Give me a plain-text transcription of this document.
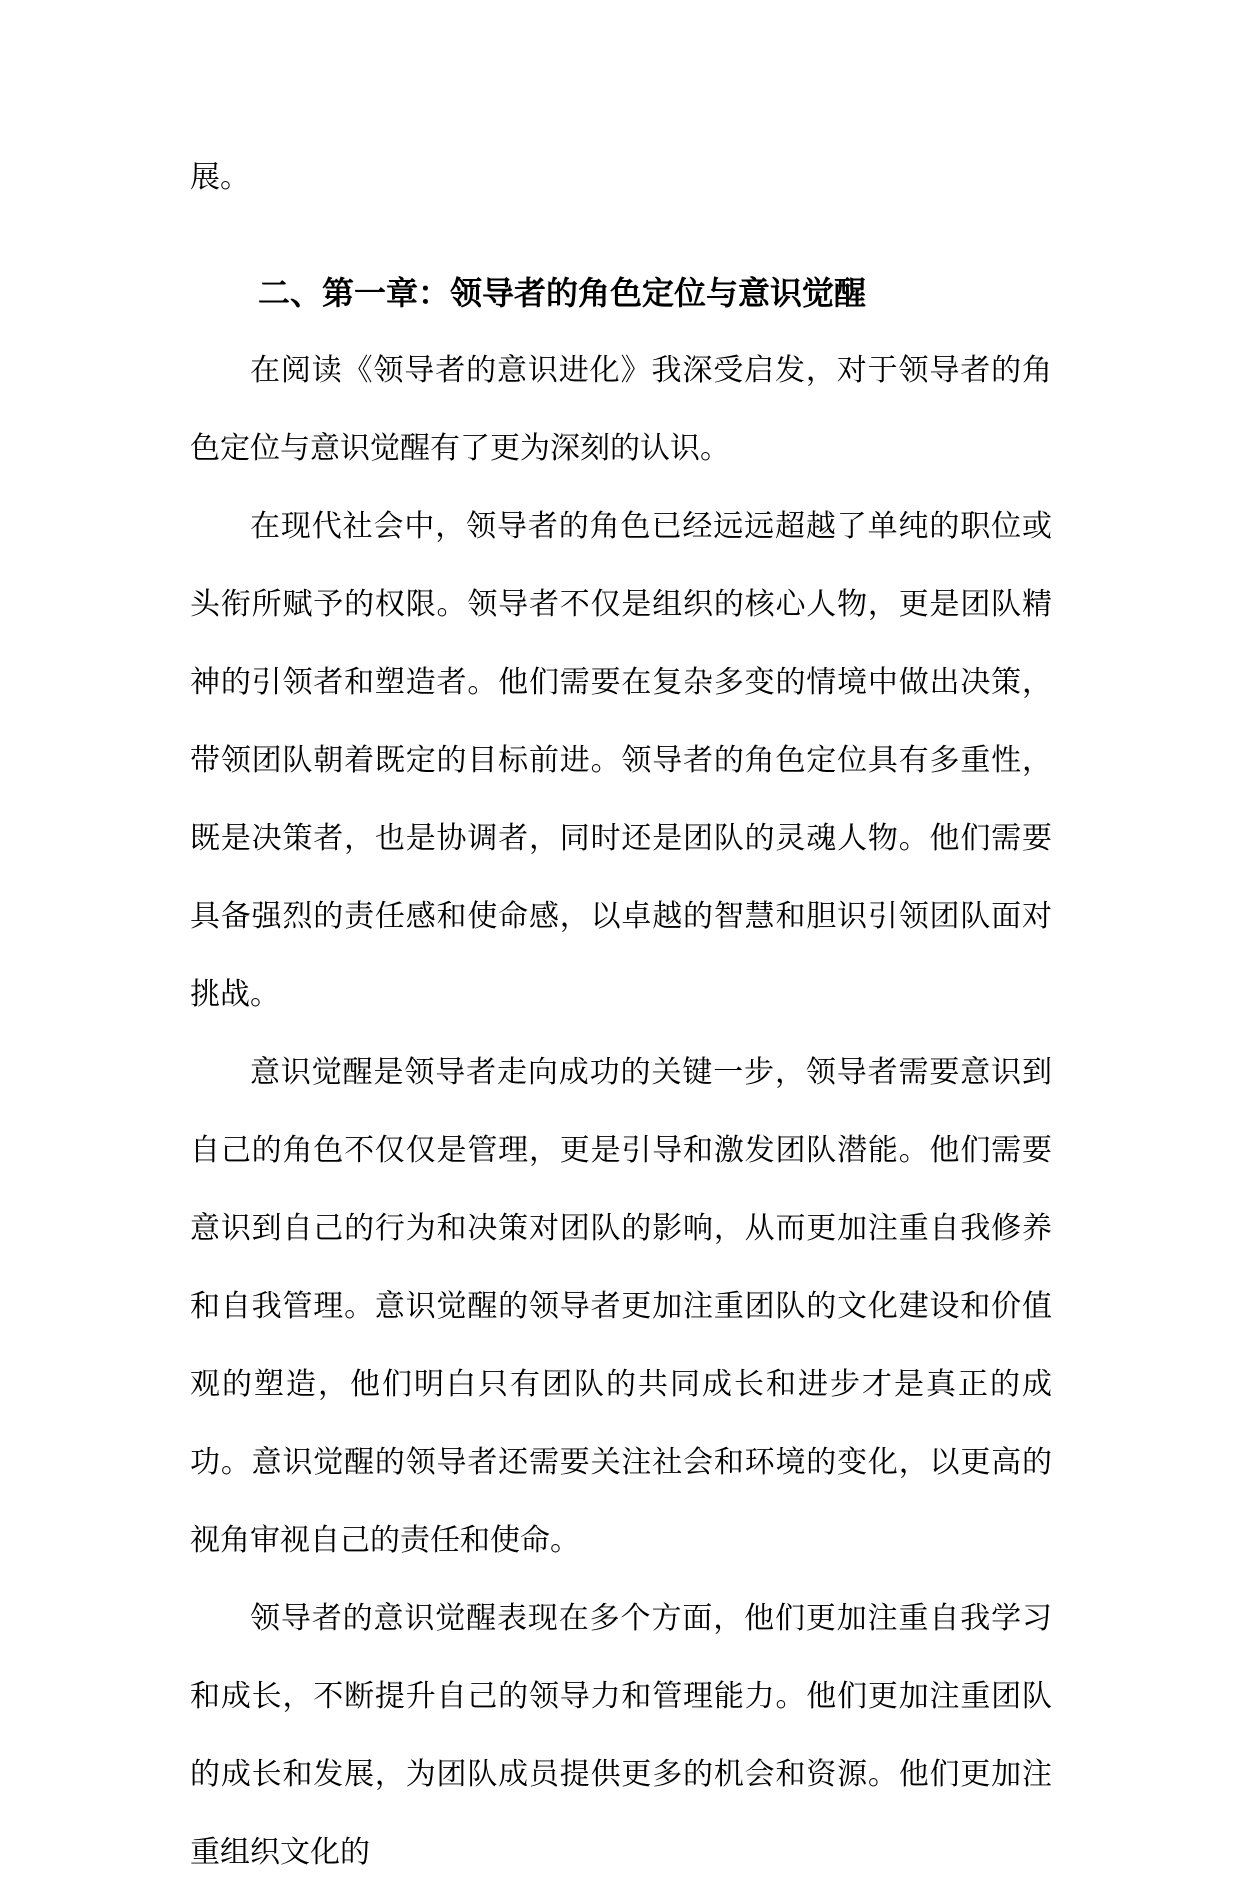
展。

二、第一章：领导者的角色定位与意识觉醒

在阅读《领导者的意识进化》我深受启发，对于领导者的角色定位与意识觉醒有了更为深刻的认识。

在现代社会中，领导者的角色已经远远超越了单纯的职位或头衔所赋予的权限。领导者不仅是组织的核心人物，更是团队精神的引领者和塑造者。他们需要在复杂多变的情境中做出决策，带领团队朝着既定的目标前进。领导者的角色定位具有多重性，既是决策者，也是协调者，同时还是团队的灵魂人物。他们需要具备强烈的责任感和使命感，以卓越的智慧和胆识引领团队面对挑战。

意识觉醒是领导者走向成功的关键一步，领导者需要意识到自己的角色不仅仅是管理，更是引导和激发团队潜能。他们需要意识到自己的行为和决策对团队的影响，从而更加注重自我修养和自我管理。意识觉醒的领导者更加注重团队的文化建设和价值观的塑造，他们明白只有团队的共同成长和进步才是真正的成功。意识觉醒的领导者还需要关注社会和环境的变化，以更高的视角审视自己的责任和使命。

领导者的意识觉醒表现在多个方面，他们更加注重自我学习和成长，不断提升自己的领导力和管理能力。他们更加注重团队的成长和发展，为团队成员提供更多的机会和资源。他们更加注重组织文化的
